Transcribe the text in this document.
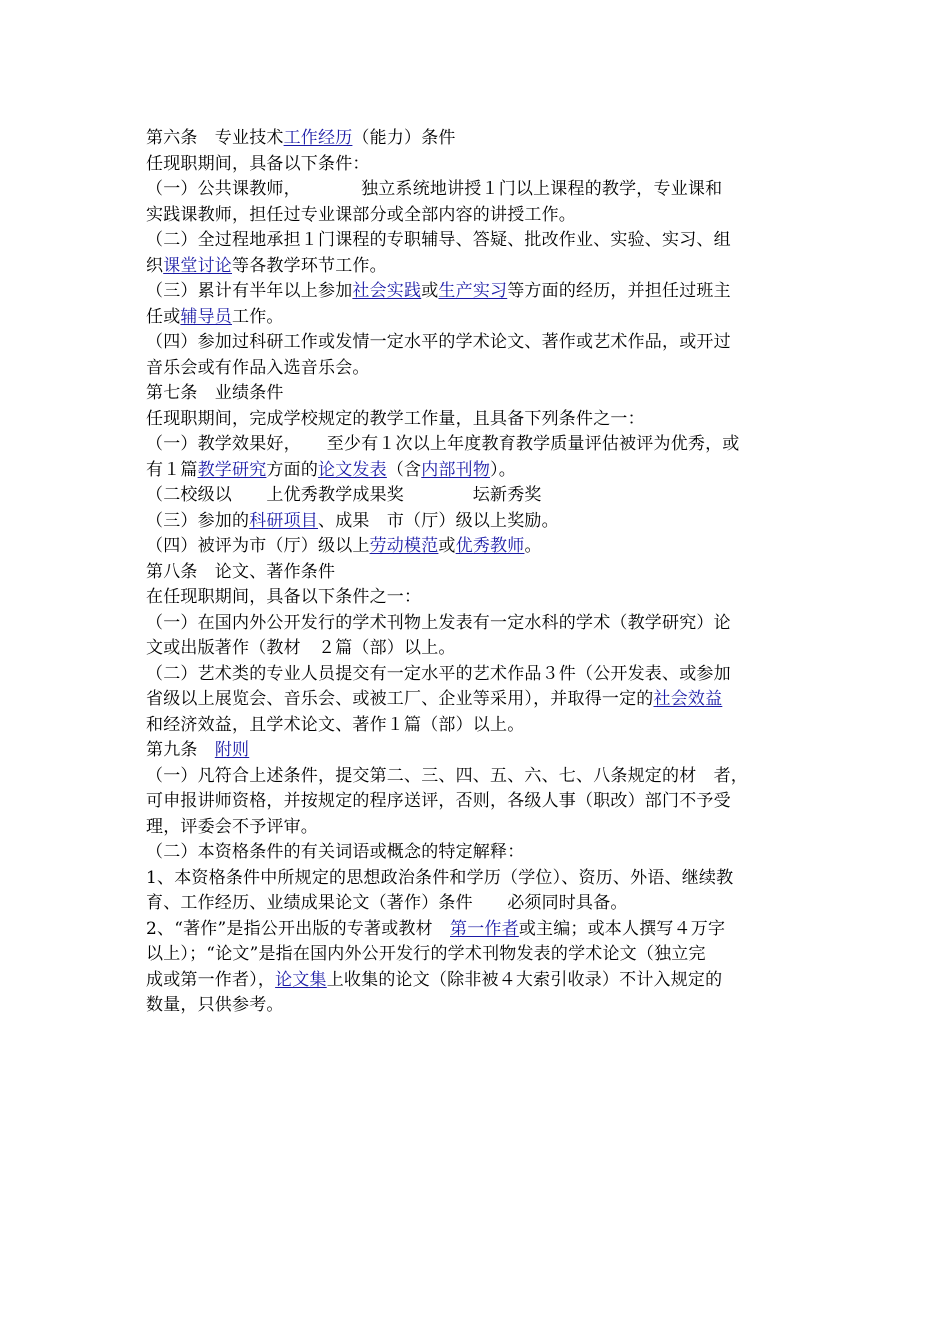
第六条　专业技术工作经历（能力）条件
任现职期间，具备以下条件：
（一）公共课教师，　　　　独立系统地讲授１门以上课程的教学，专业课和
实践课教师，担任过专业课部分或全部内容的讲授工作。
（二）全过程地承担１门课程的专职辅导、答疑、批改作业、实验、实习、组
织课堂讨论等各教学环节工作。
（三）累计有半年以上参加社会实践或生产实习等方面的经历，并担任过班主
任或辅导员工作。
（四）参加过科研工作或发情一定水平的学术论文、著作或艺术作品，或开过
音乐会或有作品入选音乐会。
第七条　业绩条件
任现职期间，完成学校规定的教学工作量，且具备下列条件之一：
（一）教学效果好，　　至少有１次以上年度教育教学质量评估被评为优秀，或
有１篇教学研究方面的论文发表（含内部刊物）。
（二校级以　　上优秀教学成果奖　　　　坛新秀奖
（三）参加的科研项目、成果　市（厅）级以上奖励。
（四）被评为市（厅）级以上劳动模范或优秀教师。
第八条　论文、著作条件
在任现职期间，具备以下条件之一：
（一）在国内外公开发行的学术刊物上发表有一定水科的学术（教学研究）论
文或出版著作（教材　２篇（部）以上。
（二）艺术类的专业人员提交有一定水平的艺术作品３件（公开发表、或参加
省级以上展览会、音乐会、或被工厂、企业等采用），并取得一定的社会效益
和经济效益，且学术论文、著作１篇（部）以上。
第九条　附则
（一）凡符合上述条件，提交第二、三、四、五、六、七、八条规定的材　者，
可申报讲师资格，并按规定的程序送评，否则，各级人事（职改）部门不予受
理，评委会不予评审。
（二）本资格条件的有关词语或概念的特定解释：
1、本资格条件中所规定的思想政治条件和学历（学位）、资历、外语、继续教
育、工作经历、业绩成果论文（著作）条件　　必须同时具备。
2、“著作”是指公开出版的专著或教材　第一作者或主编；或本人撰写４万字
以上）；“论文”是指在国内外公开发行的学术刊物发表的学术论文（独立完
成或第一作者），论文集上收集的论文（除非被４大索引收录）不计入规定的
数量，只供参考。
